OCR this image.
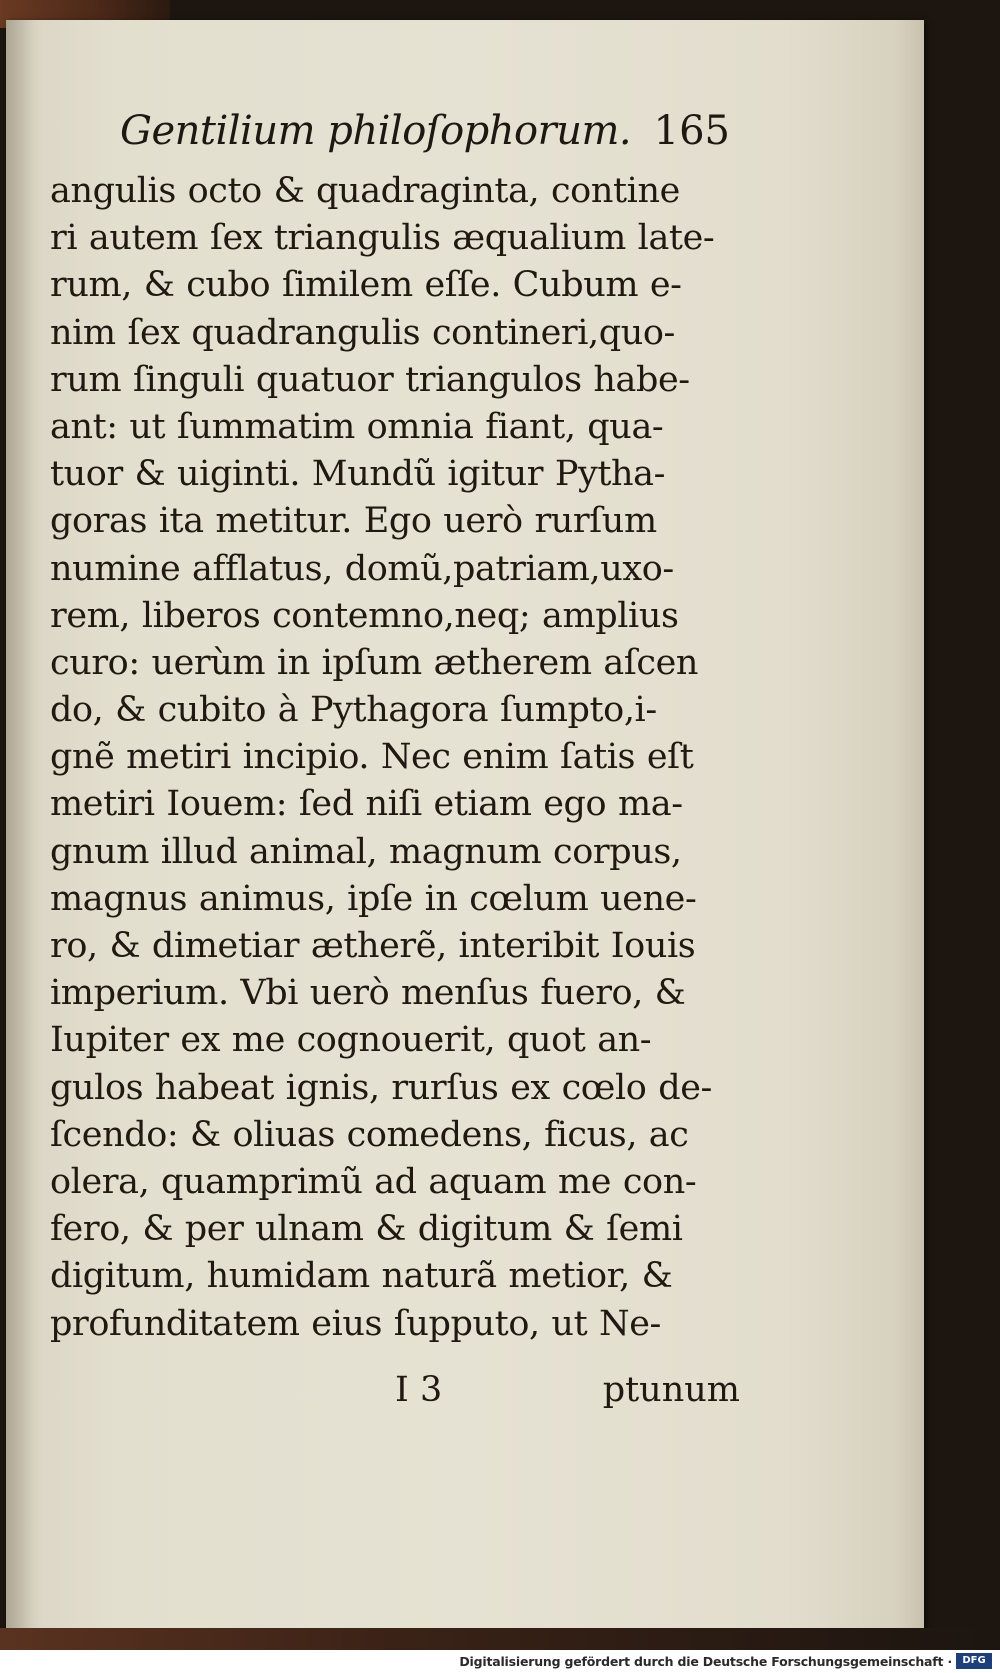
Gentilium philoſophorum. 165
angulis octo & quadraginta, contine
ri autem ſex triangulis æqualium late-
rum, & cubo ſimilem eſſe. Cubum e-
nim ſex quadrangulis contineri,quo-
rum ſinguli quatuor triangulos habe-
ant: ut ſummatim omnia fiant, qua-
tuor & uiginti. Mundũ igitur Pytha-
goras ita metitur. Ego uerò rurſum
numine afflatus, domũ,patriam,uxo-
rem, liberos contemno,neq; amplius
curo: uerùm in ipſum ætherem aſcen
do, & cubito à Pythagora ſumpto,i-
gnẽ metiri incipio. Nec enim ſatis eſt
metiri Iouem: ſed niſi etiam ego ma-
gnum illud animal, magnum corpus,
magnus animus, ipſe in cœlum uene-
ro, & dimetiar ætherẽ, interibit Iouis
imperium. Vbi uerò menſus fuero, &
Iupiter ex me cognouerit, quot an-
gulos habeat ignis, rurſus ex cœlo de-
ſcendo: & oliuas comedens, ficus, ac
olera, quamprimũ ad aquam me con-
fero, & per ulnam & digitum & ſemi
digitum, humidam naturã metior, &
profunditatem eius ſupputo, ut Ne-
I 3	ptunum
Digitalisierung gefördert durch die Deutsche Forschungsgemeinschaft ·	DFG
